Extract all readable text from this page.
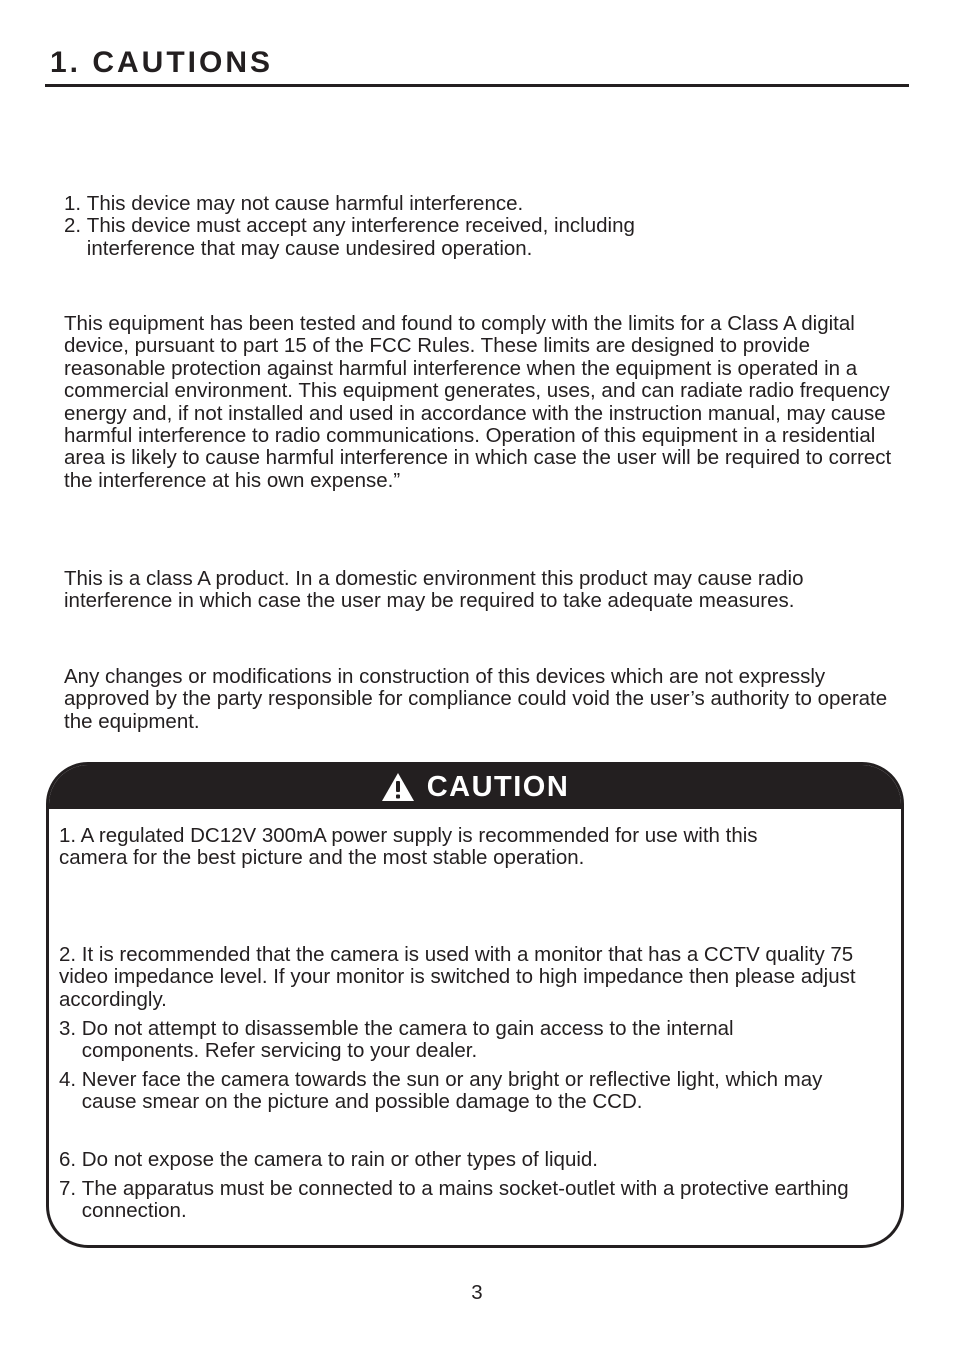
1. CAUTIONS
1. This device may not cause harmful interference.
2. This device must accept any interference received, including interference that may cause undesired operation.

This equipment has been tested and found to comply with the limits for a Class A digital device, pursuant to part 15 of the FCC Rules. These limits are designed to provide reasonable protection against harmful interference when the equipment is operated in a commercial environment. This equipment generates, uses, and can radiate radio frequency energy and, if not installed and used in accordance with the instruction manual, may cause harmful interference to radio communications. Operation of this equipment in a residential area is likely to cause harmful interference in which case the user will be required to correct the interference at his own expense.”

This is a class A product. In a domestic environment this product may cause radio interference in which case the user may be required to take adequate measures.

Any changes or modifications in construction of this devices which are not expressly approved by the party responsible for compliance could void the user’s authority to operate the equipment.

CAUTION
1. A regulated DC12V 300mA power supply is recommended for use with this camera for the best picture and the most stable operation.
2. It is recommended that the camera is used with a monitor that has a CCTV quality 75 video impedance level. If your monitor is switched to high impedance then please adjust accordingly.
3. Do not attempt to disassemble the camera to gain access to the internal components. Refer servicing to your dealer.
4. Never face the camera towards the sun or any bright or reflective light, which may cause smear on the picture and possible damage to the CCD.
6. Do not expose the camera to rain or other types of liquid.
7. The apparatus must be connected to a mains socket-outlet with a protective earthing connection.
3
